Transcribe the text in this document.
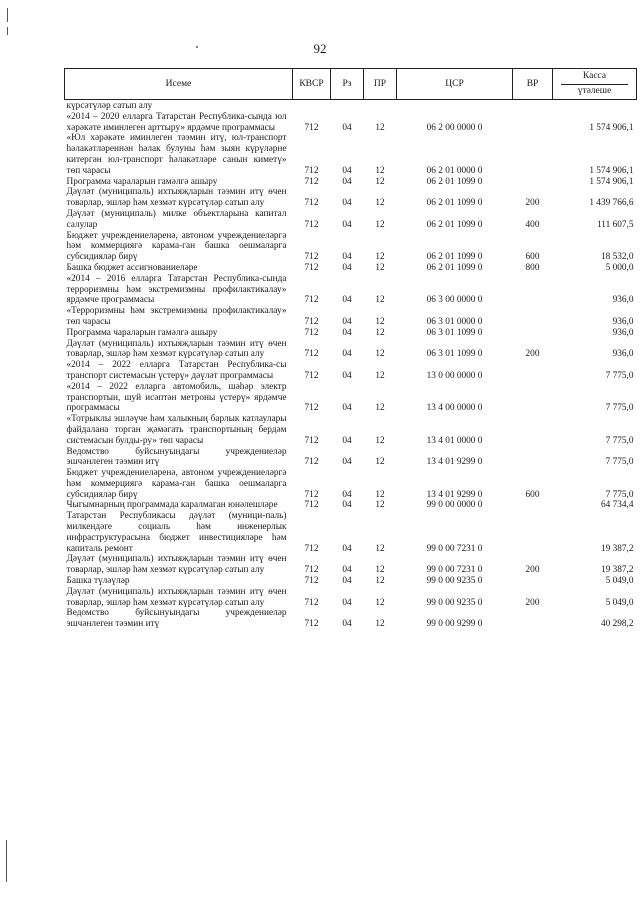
92
Исеме	КВСР	Рз	ПР	ЦСР	ВР	Касса
үтәлеше

күрсәтүләр сатып алу						
«2014 – 2020 елларга Татарстан Республика-сында юл хәрәкәте иминлеген арттыру» ярдәмче программасы	712	04	12	06 2 00 0000 0		1 574 906,1
«Юл хәрәкәте иминлеген тәэмин итү, юл-транспорт һәлакәтләреннән һәлак булуны һәм зыян күрүләрне китергән юл-транспорт һәлакәтләре санын киметү» төп чарасы	712	04	12	06 2 01 0000 0		1 574 906,1
Программа чараларын гамәлгә ашыру	712	04	12	06 2 01 1099 0		1 574 906,1
Дәүләт (муниципаль) ихтыяҗларын тәэмин итү өчен товарлар, эшләр һәм хезмәт күрсәтүләр сатып алу	712	04	12	06 2 01 1099 0	200	1 439 766,6
Дәүләт (муниципаль) милке объектларына капитал салулар	712	04	12	06 2 01 1099 0	400	111 607,5
Бюджет учреждениеләренә, автоном учреждениеләргә һәм коммерциягә карама-ган башка оешмаларга субсидияләр бирү	712	04	12	06 2 01 1099 0	600	18 532,0
Башка бюджет ассигнованиеләре	712	04	12	06 2 01 1099 0	800	5 000,0
«2014 – 2016 елларга Татарстан Республика-сында терроризмны һәм экстремизмны профилактикалау» ярдәмче программасы	712	04	12	06 3 00 0000 0		936,0
«Терроризмны һәм экстремизмны профилактикалау» төп чарасы	712	04	12	06 3 01 0000 0		936,0
Программа чараларын гамәлгә ашыру	712	04	12	06 3 01 1099 0		936,0
Дәүләт (муниципаль) ихтыяҗларын тәэмин итү өчен товарлар, эшләр һәм хезмәт күрсәтүләр сатып алу	712	04	12	06 3 01 1099 0	200	936,0
«2014 – 2022 елларга Татарстан Республика-сы транспорт системасын үстерү» дәүләт программасы	712	04	12	13 0 00 0000 0		7 775,0
«2014 – 2022 елларга автомобиль, шәһәр электр транспортын, шуй исәптән метроны үстерү» ярдәмче программасы	712	04	12	13 4 00 0000 0		7 775,0
«Тотрыклы эшләүче һәм халыкның барлык катлаулары файдалана торган җәмәгать транспортының бердәм системасын булды-ру» төп чарасы	712	04	12	13 4 01 0000 0		7 775,0
Ведомство буйсынуындагы учреждениеләр эшчәнлеген тәэмин итү	712	04	12	13 4 01 9299 0		7 775,0
Бюджет учреждениеләренә, автоном учреждениеләргә һәм коммерциягә карама-ган башка оешмаларга субсидияләр бирү	712	04	12	13 4 01 9299 0	600	7 775,0
Чыгымнарның программада каралмаган юнәлешләре	712	04	12	99 0 00 0000 0		64 734,4
Татарстан Республикасы дәүләт (муници-паль) милкендәге социаль һәм инженерлык инфраструктурасына бюджет инвестицияләре һәм капиталь ремонт	712	04	12	99 0 00 7231 0		19 387,2
Дәүләт (муниципаль) ихтыяҗларын тәэмин итү өчен товарлар, эшләр һәм хезмәт күрсәтүләр сатып алу	712	04	12	99 0 00 7231 0	200	19 387,2
Башка түләүләр	712	04	12	99 0 00 9235 0		5 049,0
Дәүләт (муниципаль) ихтыяҗларын тәэмин итү өчен товарлар, эшләр һәм хезмәт күрсәтүләр сатып алу	712	04	12	99 0 00 9235 0	200	5 049,0
Ведомство буйсынуындагы учреждениеләр эшчәнлеген тәэмин итү	712	04	12	99 0 00 9299 0		40 298,2
